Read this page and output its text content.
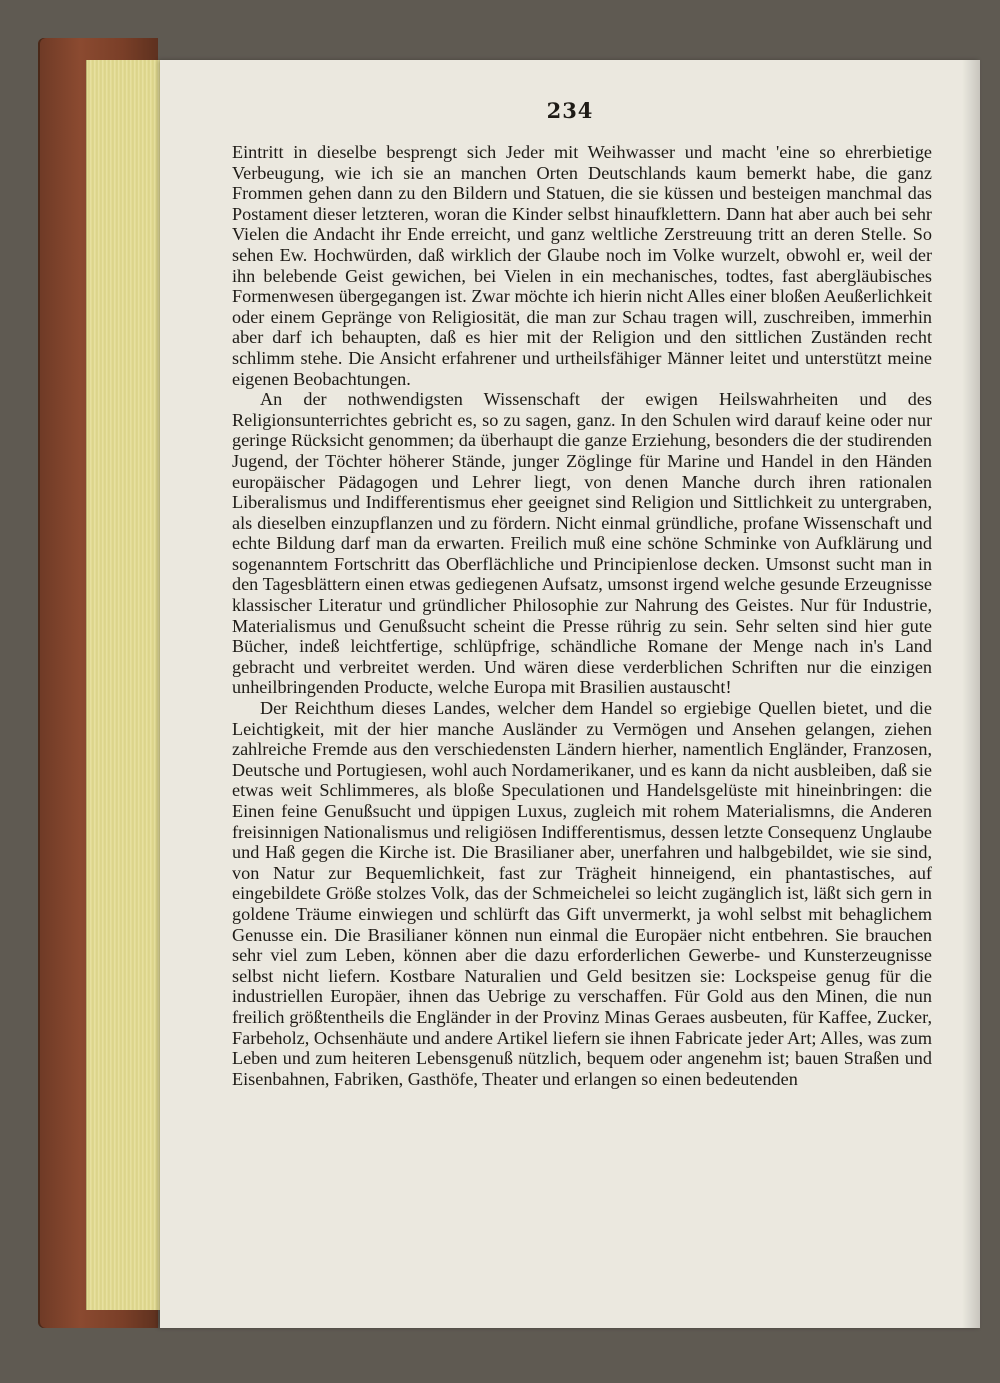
234

Eintritt in dieselbe besprengt sich Jeder mit Weihwasser und macht 'eine so ehrerbietige Verbeugung, wie ich sie an manchen Orten Deutschlands kaum bemerkt habe, die ganz Frommen gehen dann zu den Bildern und Statuen, die sie küssen und besteigen manchmal das Postament dieser letzteren, woran die Kinder selbst hinaufklettern. Dann hat aber auch bei sehr Vielen die Andacht ihr Ende erreicht, und ganz weltliche Zerstreuung tritt an deren Stelle. So sehen Ew. Hochwürden, daß wirklich der Glaube noch im Volke wurzelt, obwohl er, weil der ihn belebende Geist gewichen, bei Vielen in ein mechanisches, todtes, fast abergläubisches Formenwesen übergegangen ist. Zwar möchte ich hierin nicht Alles einer bloßen Aeußerlichkeit oder einem Gepränge von Religiosität, die man zur Schau tragen will, zuschreiben, immerhin aber darf ich behaupten, daß es hier mit der Religion und den sittlichen Zuständen recht schlimm stehe. Die Ansicht erfahrener und urtheilsfähiger Männer leitet und unterstützt meine eigenen Beobachtungen.

An der nothwendigsten Wissenschaft der ewigen Heilswahrheiten und des Religionsunterrichtes gebricht es, so zu sagen, ganz. In den Schulen wird darauf keine oder nur geringe Rücksicht genommen; da überhaupt die ganze Erziehung, besonders die der studirenden Jugend, der Töchter höherer Stände, junger Zöglinge für Marine und Handel in den Händen europäischer Pädagogen und Lehrer liegt, von denen Manche durch ihren rationalen Liberalismus und Indifferentismus eher geeignet sind Religion und Sittlichkeit zu untergraben, als dieselben einzupflanzen und zu fördern. Nicht einmal gründliche, profane Wissenschaft und echte Bildung darf man da erwarten. Freilich muß eine schöne Schminke von Aufklärung und sogenanntem Fortschritt das Oberflächliche und Principienlose decken. Umsonst sucht man in den Tagesblättern einen etwas gediegenen Aufsatz, umsonst irgend welche gesunde Erzeugnisse klassischer Literatur und gründlicher Philosophie zur Nahrung des Geistes. Nur für Industrie, Materialismus und Genußsucht scheint die Presse rührig zu sein. Sehr selten sind hier gute Bücher, indeß leichtfertige, schlüpfrige, schändliche Romane der Menge nach in's Land gebracht und verbreitet werden. Und wären diese verderblichen Schriften nur die einzigen unheilbringenden Producte, welche Europa mit Brasilien austauscht!

Der Reichthum dieses Landes, welcher dem Handel so ergiebige Quellen bietet, und die Leichtigkeit, mit der hier manche Ausländer zu Vermögen und Ansehen gelangen, ziehen zahlreiche Fremde aus den verschiedensten Ländern hierher, namentlich Engländer, Franzosen, Deutsche und Portugiesen, wohl auch Nordamerikaner, und es kann da nicht ausbleiben, daß sie etwas weit Schlimmeres, als bloße Speculationen und Handelsgelüste mit hineinbringen: die Einen feine Genußsucht und üppigen Luxus, zugleich mit rohem Materialismns, die Anderen freisinnigen Nationalismus und religiösen Indifferentismus, dessen letzte Consequenz Unglaube und Haß gegen die Kirche ist. Die Brasilianer aber, unerfahren und halbgebildet, wie sie sind, von Natur zur Bequemlichkeit, fast zur Trägheit hinneigend, ein phantastisches, auf eingebildete Größe stolzes Volk, das der Schmeichelei so leicht zugänglich ist, läßt sich gern in goldene Träume einwiegen und schlürft das Gift unvermerkt, ja wohl selbst mit behaglichem Genusse ein. Die Brasilianer können nun einmal die Europäer nicht entbehren. Sie brauchen sehr viel zum Leben, können aber die dazu erforderlichen Gewerbe- und Kunsterzeugnisse selbst nicht liefern. Kostbare Naturalien und Geld besitzen sie: Lockspeise genug für die industriellen Europäer, ihnen das Uebrige zu verschaffen. Für Gold aus den Minen, die nun freilich größtentheils die Engländer in der Provinz Minas Geraes ausbeuten, für Kaffee, Zucker, Farbeholz, Ochsenhäute und andere Artikel liefern sie ihnen Fabricate jeder Art; Alles, was zum Leben und zum heiteren Lebensgenuß nützlich, bequem oder angenehm ist; bauen Straßen und Eisenbahnen, Fabriken, Gasthöfe, Theater und erlangen so einen bedeutenden
